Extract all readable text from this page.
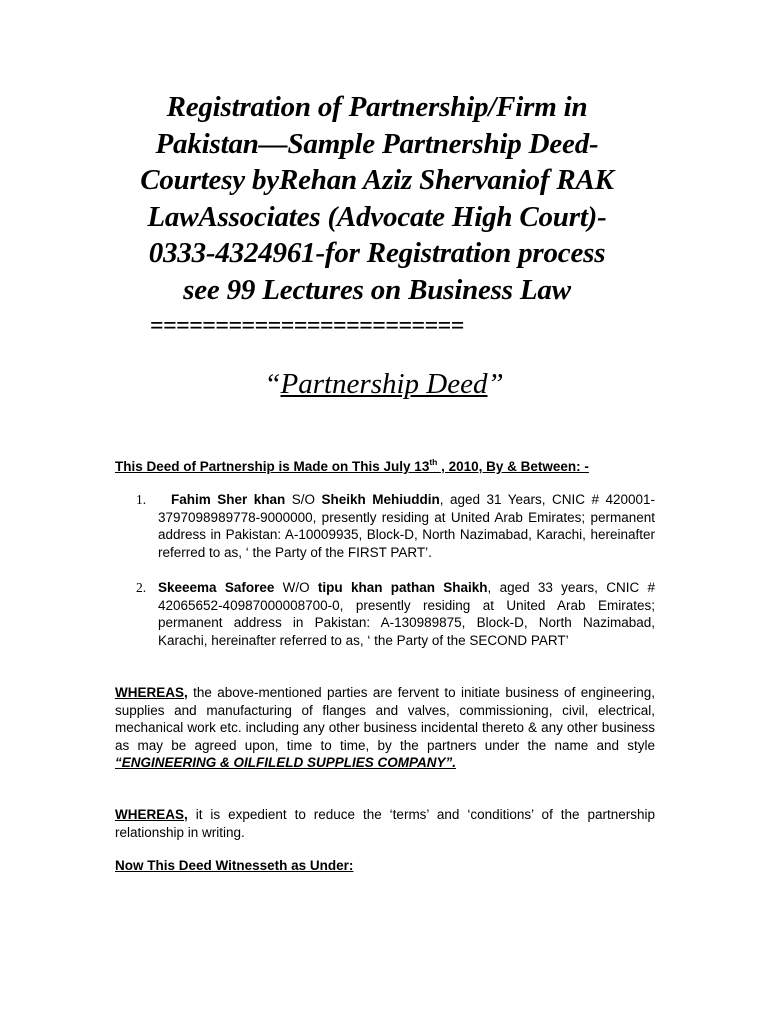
Registration of Partnership/Firm in
Pakistan—Sample Partnership Deed-
Courtesy byRehan Aziz Shervaniof RAK
LawAssociates (Advocate High Court)-
0333-4324961-for Registration process
see 99 Lectures on Business Law
========================
“Partnership Deed”
This Deed of Partnership is Made on This July 13th , 2010, By & Between: -
1. Fahim Sher khan S/O Sheikh Mehiuddin, aged 31 Years, CNIC # 420001-3797098989778-9000000, presently residing at United Arab Emirates; permanent address in Pakistan: A-10009935, Block-D, North Nazimabad, Karachi, hereinafter referred to as, ‘ the Party of the FIRST PART’.
2. Skeeema Saforee W/O tipu khan pathan Shaikh, aged 33 years, CNIC # 42065652-40987000008700-0, presently residing at United Arab Emirates; permanent address in Pakistan: A-130989875, Block-D, North Nazimabad, Karachi, hereinafter referred to as, ‘ the Party of the SECOND PART’
WHEREAS, the above-mentioned parties are fervent to initiate business of engineering, supplies and manufacturing of flanges and valves, commissioning, civil, electrical, mechanical work etc. including any other business incidental thereto & any other business as may be agreed upon, time to time, by the partners under the name and style “ENGINEERING & OILFILELD SUPPLIES COMPANY”.
WHEREAS, it is expedient to reduce the ‘terms’ and ‘conditions’ of the partnership relationship in writing.
Now This Deed Witnesseth as Under:
